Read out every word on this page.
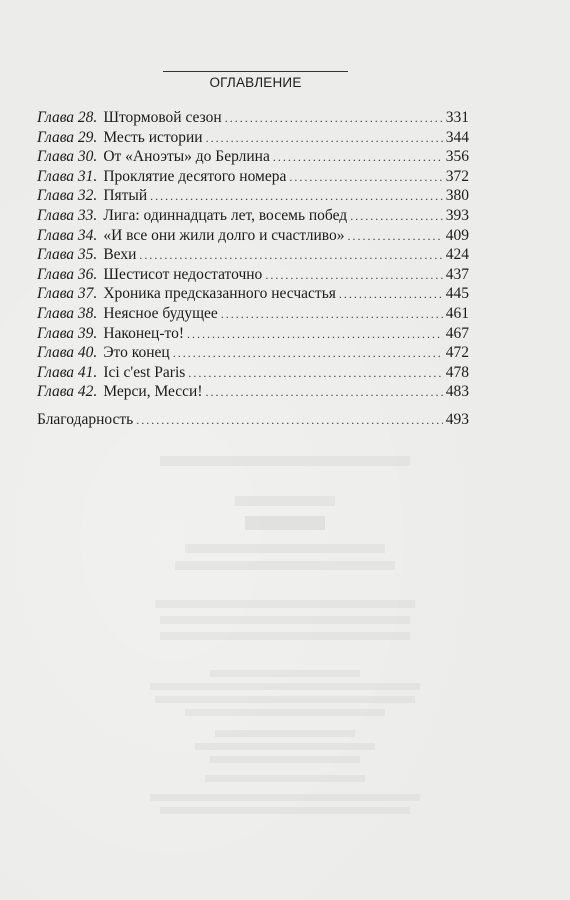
ОГЛАВЛЕНИЕ
Глава 28. Штормовой сезон . . .	331
Глава 29. Месть истории . . .	344
Глава 30. От «Аноэты» до Берлина . . .	356
Глава 31. Проклятие десятого номера . . .	372
Глава 32. Пятый . . .	380
Глава 33. Лига: одиннадцать лет, восемь побед . . .	393
Глава 34. «И все они жили долго и счастливо» . . .	409
Глава 35. Вехи . . .	424
Глава 36. Шестисот недостаточно . . .	437
Глава 37. Хроника предсказанного несчастья . . .	445
Глава 38. Неясное будущее . . .	461
Глава 39. Наконец-то! . . .	467
Глава 40. Это конец . . .	472
Глава 41. Ici c'est Paris . . .	478
Глава 42. Мерси, Месси! . . .	483
Благодарность . . .	493
